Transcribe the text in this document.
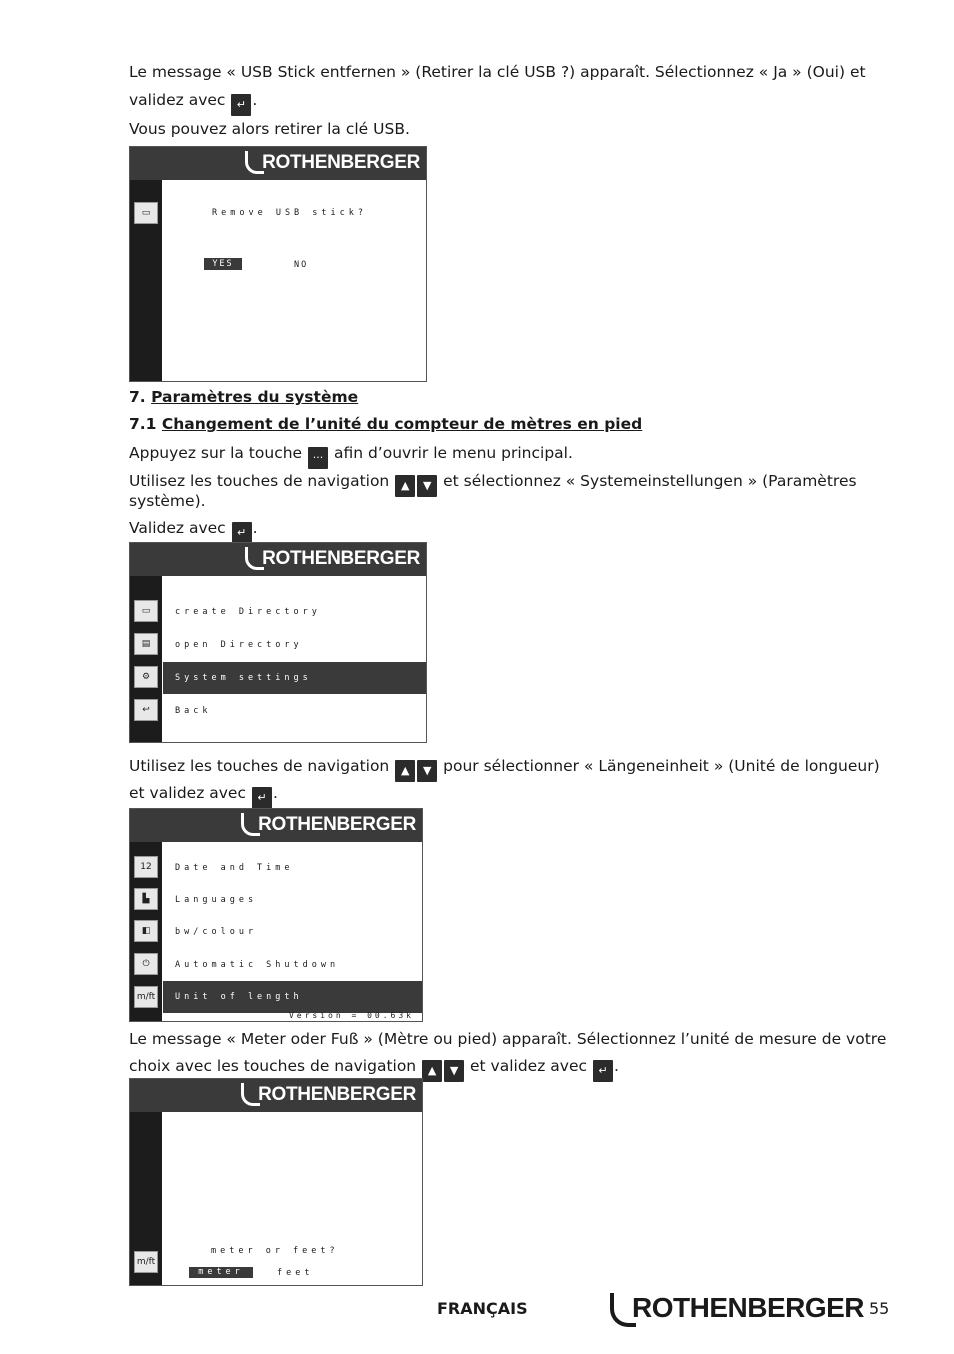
Le message « USB Stick entfernen » (Retirer la clé USB ?) apparaît. Sélectionnez « Ja » (Oui) et
validez avec ↵ .
Vous pouvez alors retirer la clé USB.
ROTHENBERGER
▭	Remove USB stick?
YES	NO
7. Paramètres du système
7.1 Changement de l’unité du compteur de mètres en pied
Appuyez sur la touche ··· afin d’ouvrir le menu principal.
Utilisez les touches de navigation ▲ ▼ et sélectionnez « Systemeinstellungen » (Paramètres
système).
Validez avec ↵ .
ROTHENBERGER
▭
▤
⚙
↩
create Directory
open Directory
System settings
Back
Utilisez les touches de navigation ▲ ▼ pour sélectionner « Längeneinheit » (Unité de longueur)
et validez avec ↵ .
ROTHENBERGER
12
▙
◧
⏻
m/ft
Date and Time
Languages
bw/colour
Automatic Shutdown
Unit of length
Version = 00.63k
Le message « Meter oder Fuß » (Mètre ou pied) apparaît. Sélectionnez l’unité de mesure de votre
choix avec les touches de navigation ▲ ▼ et validez avec ↵ .
ROTHENBERGER
m/ft
meter or feet?
meter	feet
FRANÇAIS	ROTHENBERGER 55
